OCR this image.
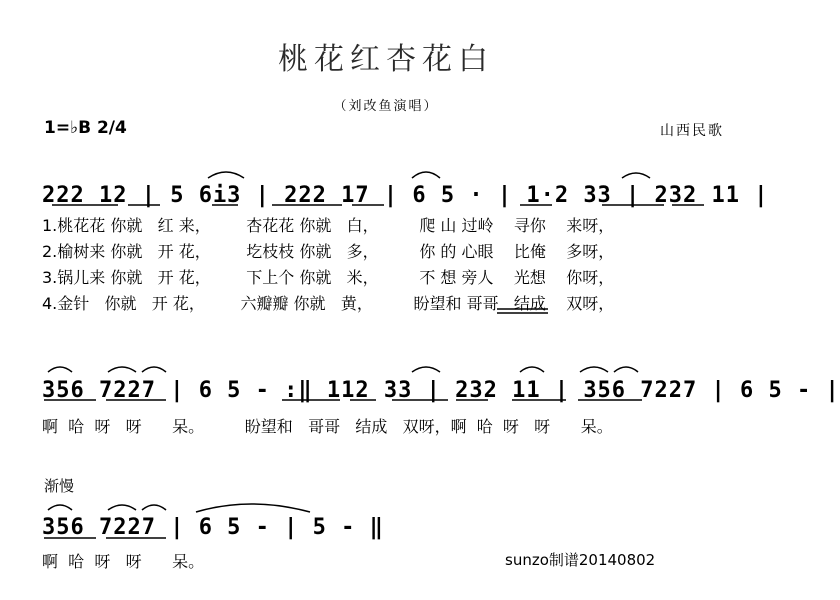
桃花红杏花白
（刘改鱼演唱）
1=♭B 2/4	山西民歌
222 12 | 5 6i3 | 222 17 | 6 5 · | 1·2 33 | 232 11 |
1.桃花花 你就   红 来，       杏花花 你就   白，        爬 山 过岭    寻你    来呀，
2.榆树来 你就   开 花，       圪枝枝 你就   多，        你 的 心眼    比俺    多呀，
3.锅儿来 你就   开 花，       下上个 你就   米，        不 想 旁人    光想    你呀，
4.金针   你就   开 花，       六瓣瓣 你就   黄，        盼望和 哥哥   结成    双呀，
356 7227 | 6 5 - :‖ 112 33 | 232 11 | 356 7227 | 6 5 - |
啊  哈  呀   呀      呆。        盼望和   哥哥   结成   双呀，啊  哈  呀   呀      呆。
渐慢
356 7227 | 6 5 - | 5 - ‖
啊  哈  呀   呀      呆。	sunzo制谱20140802
